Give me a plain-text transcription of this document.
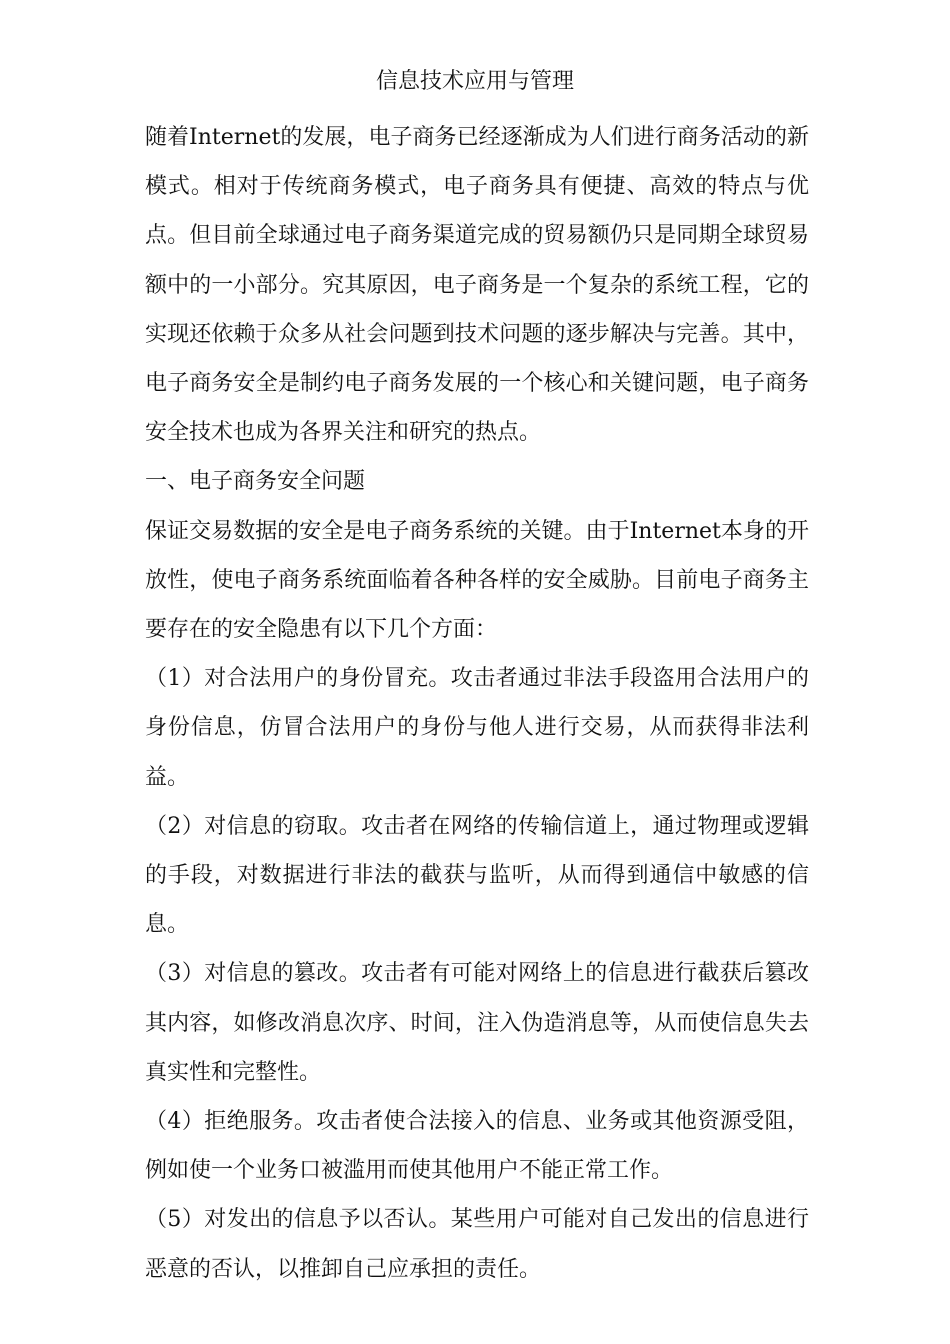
信息技术应用与管理

随着Internet的发展，电子商务已经逐渐成为人们进行商务活动的新模式。相对于传统商务模式，电子商务具有便捷、高效的特点与优点。但目前全球通过电子商务渠道完成的贸易额仍只是同期全球贸易额中的一小部分。究其原因，电子商务是一个复杂的系统工程，它的实现还依赖于众多从社会问题到技术问题的逐步解决与完善。其中，电子商务安全是制约电子商务发展的一个核心和关键问题，电子商务安全技术也成为各界关注和研究的热点。

一、电子商务安全问题

保证交易数据的安全是电子商务系统的关键。由于Internet本身的开放性，使电子商务系统面临着各种各样的安全威胁。目前电子商务主要存在的安全隐患有以下几个方面：

（1）对合法用户的身份冒充。攻击者通过非法手段盗用合法用户的身份信息，仿冒合法用户的身份与他人进行交易，从而获得非法利益。

（2）对信息的窃取。攻击者在网络的传输信道上，通过物理或逻辑的手段，对数据进行非法的截获与监听，从而得到通信中敏感的信息。

（3）对信息的篡改。攻击者有可能对网络上的信息进行截获后篡改其内容，如修改消息次序、时间，注入伪造消息等，从而使信息失去真实性和完整性。

（4）拒绝服务。攻击者使合法接入的信息、业务或其他资源受阻，例如使一个业务口被滥用而使其他用户不能正常工作。

（5）对发出的信息予以否认。某些用户可能对自己发出的信息进行恶意的否认，以推卸自己应承担的责任。
